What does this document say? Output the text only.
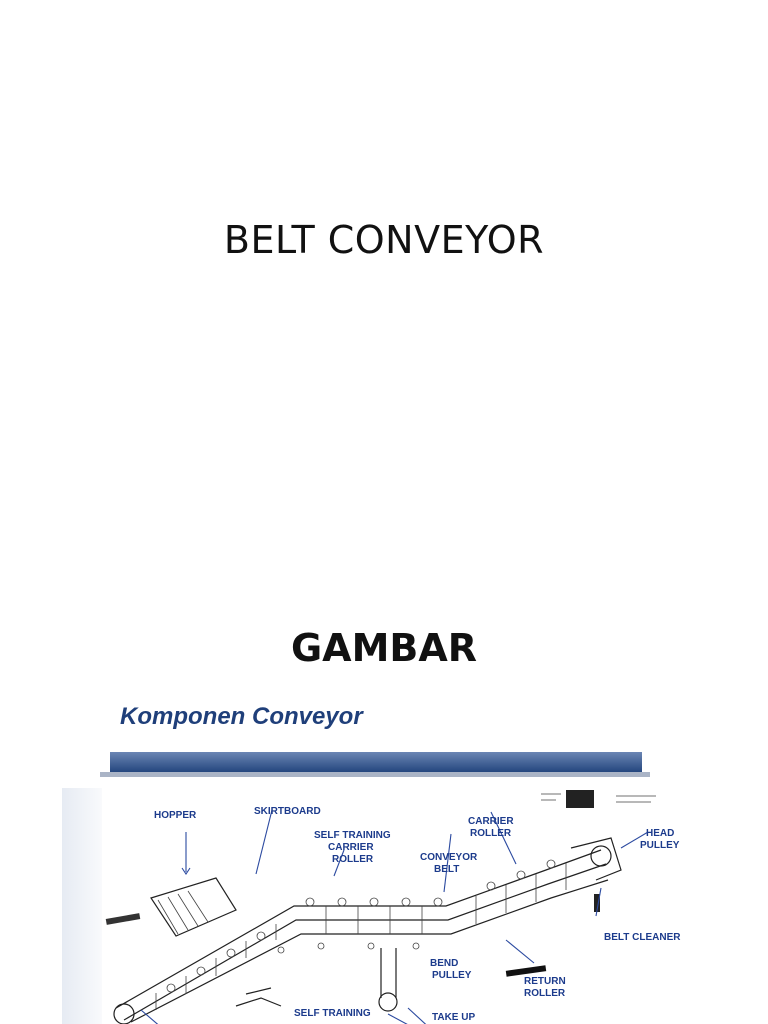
BELT CONVEYOR
GAMBAR
Komponen Conveyor
HOPPER	SKIRTBOARD
SELF TRAINING
CARRIER
ROLLER
CARRIER
ROLLER
CONVEYOR
BELT
HEAD
PULLEY
BELT CLEANER
BEND
PULLEY
RETURN
ROLLER
SELF TRAINING	TAKE UP
